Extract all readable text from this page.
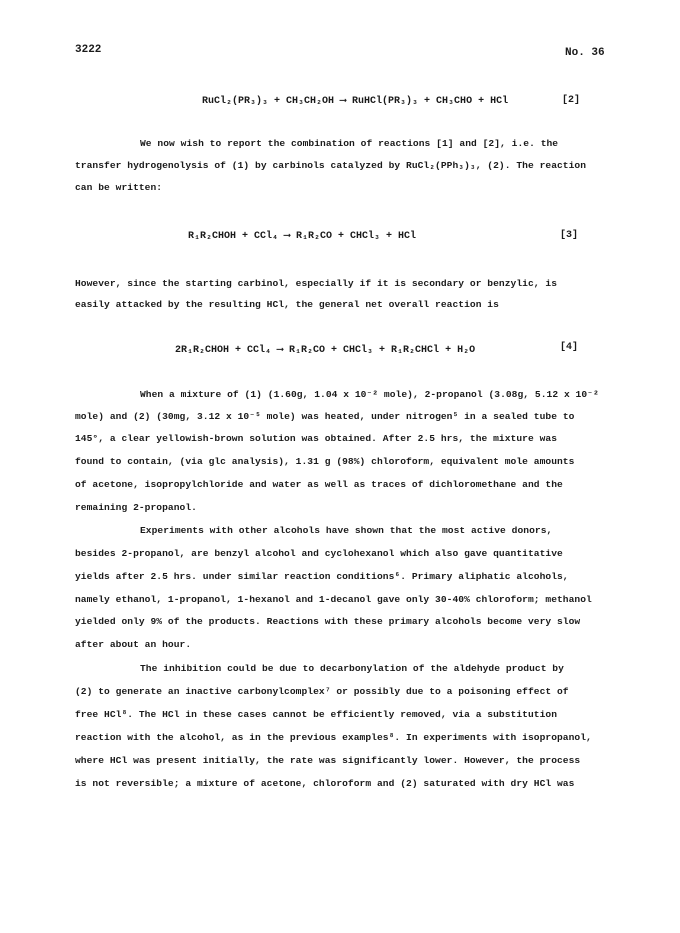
3222	No. 36
RuCl₂(PR₃)₃ + CH₃CH₂OH ⟶ RuHCl(PR₃)₃ + CH₃CHO + HCl	[2]
We now wish to report the combination of reactions [1] and [2], i.e. the
transfer hydrogenolysis of (1) by carbinols catalyzed by RuCl₂(PPh₃)₃, (2). The reaction
can be written:
R₁R₂CHOH + CCl₄ ⟶ R₁R₂CO + CHCl₃ + HCl	[3]
However, since the starting carbinol, especially if it is secondary or benzylic, is
easily attacked by the resulting HCl, the general net overall reaction is
2R₁R₂CHOH + CCl₄ ⟶ R₁R₂CO + CHCl₃ + R₁R₂CHCl + H₂O	[4]
When a mixture of (1) (1.60g, 1.04 x 10⁻² mole), 2-propanol (3.08g, 5.12 x 10⁻²
mole) and (2) (30mg, 3.12 x 10⁻⁵ mole) was heated, under nitrogen⁵ in a sealed tube to
145°, a clear yellowish-brown solution was obtained. After 2.5 hrs, the mixture was
found to contain, (via glc analysis), 1.31 g (98%) chloroform, equivalent mole amounts
of acetone, isopropylchloride and water as well as traces of dichloromethane and the
remaining 2-propanol.
Experiments with other alcohols have shown that the most active donors,
besides 2-propanol, are benzyl alcohol and cyclohexanol which also gave quantitative
yields after 2.5 hrs. under similar reaction conditions⁶. Primary aliphatic alcohols,
namely ethanol, 1-propanol, 1-hexanol and 1-decanol gave only 30-40% chloroform; methanol
yielded only 9% of the products. Reactions with these primary alcohols become very slow
after about an hour.
The inhibition could be due to decarbonylation of the aldehyde product by
(2) to generate an inactive carbonylcomplex⁷ or possibly due to a poisoning effect of
free HCl⁸. The HCl in these cases cannot be efficiently removed, via a substitution
reaction with the alcohol, as in the previous examples⁸. In experiments with isopropanol,
where HCl was present initially, the rate was significantly lower. However, the process
is not reversible; a mixture of acetone, chloroform and (2) saturated with dry HCl was
